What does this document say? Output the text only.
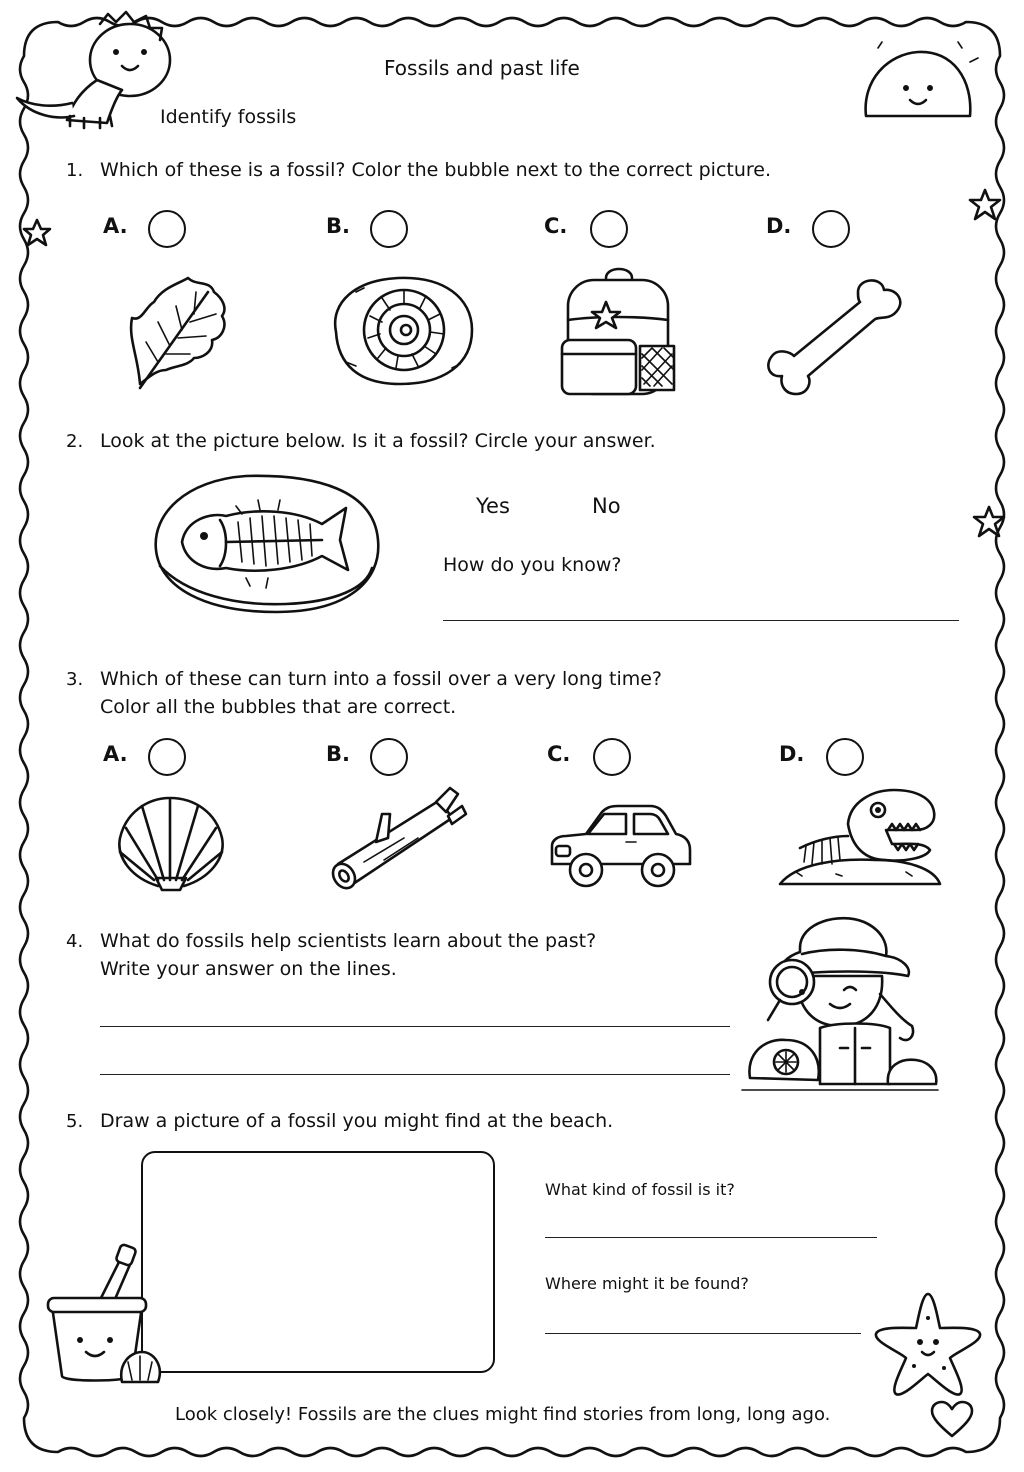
Fossils and past life
Identify fossils
1. Which of these is a fossil? Color the bubble next to the correct picture.
A.	B.	C.	D.
2. Look at the picture below. Is it a fossil? Circle your answer.
Yes	No
How do you know?
3. Which of these can turn into a fossil over a very long time?
Color all the bubbles that are correct.
A.	B.	C.	D.
4. What do fossils help scientists learn about the past?
Write your answer on the lines.
5. Draw a picture of a fossil you might find at the beach.
What kind of fossil is it?
Where might it be found?
Look closely! Fossils are the clues might find stories from long, long ago.
